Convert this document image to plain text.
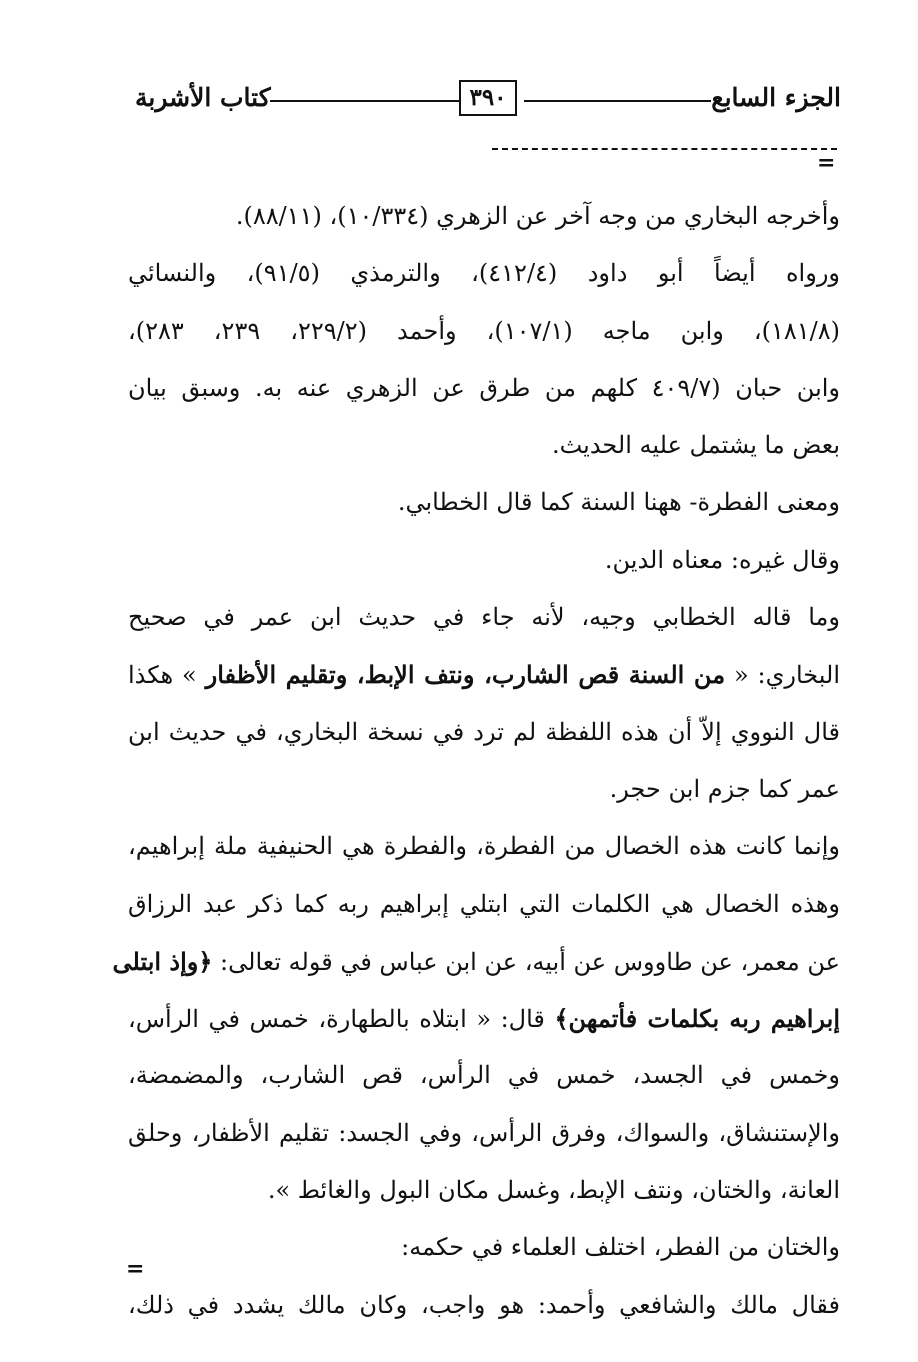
الجزء السابع
٣٩٠
كتاب الأشربة
=
وأخرجه البخاري من وجه آخر عن الزهري (١٠/٣٣٤)، (٨٨/١١).
ورواه أيضاً أبو داود (٤١٢/٤)، والترمذي (٩١/٥)، والنسائي
(١٨١/٨)، وابن ماجه (١٠٧/١)، وأحمد (٢٢٩/٢، ٢٣٩، ٢٨٣)،
وابن حبان (٤٠٩/٧ كلهم من طرق عن الزهري عنه به. وسبق بيان
بعض ما يشتمل عليه الحديث.
ومعنى الفطرة- ههنا السنة كما قال الخطابي.
وقال غيره: معناه الدين.
وما قاله الخطابي وجيه، لأنه جاء في حديث ابن عمر في صحيح
البخاري: « من السنة قص الشارب، ونتف الإبط، وتقليم الأظفار » هكذا
قال النووي إلاّ أن هذه اللفظة لم ترد في نسخة البخاري، في حديث ابن
عمر كما جزم ابن حجر.
وإنما كانت هذه الخصال من الفطرة، والفطرة هي الحنيفية ملة إبراهيم،
وهذه الخصال هي الكلمات التي ابتلي إبراهيم ربه كما ذكر عبد الرزاق
عن معمر، عن طاووس عن أبيه، عن ابن عباس في قوله تعالى: ﴿وإذ ابتلى
إبراهيم ربه بكلمات فأتمهن﴾ قال: « ابتلاه بالطهارة، خمس في الرأس،
وخمس في الجسد، خمس في الرأس، قص الشارب، والمضمضة،
والإستنشاق، والسواك، وفرق الرأس، وفي الجسد: تقليم الأظفار، وحلق
العانة، والختان، ونتف الإبط، وغسل مكان البول والغائط ».
والختان من الفطر، اختلف العلماء في حكمه:
فقال مالك والشافعي وأحمد: هو واجب، وكان مالك يشدد في ذلك،
=
